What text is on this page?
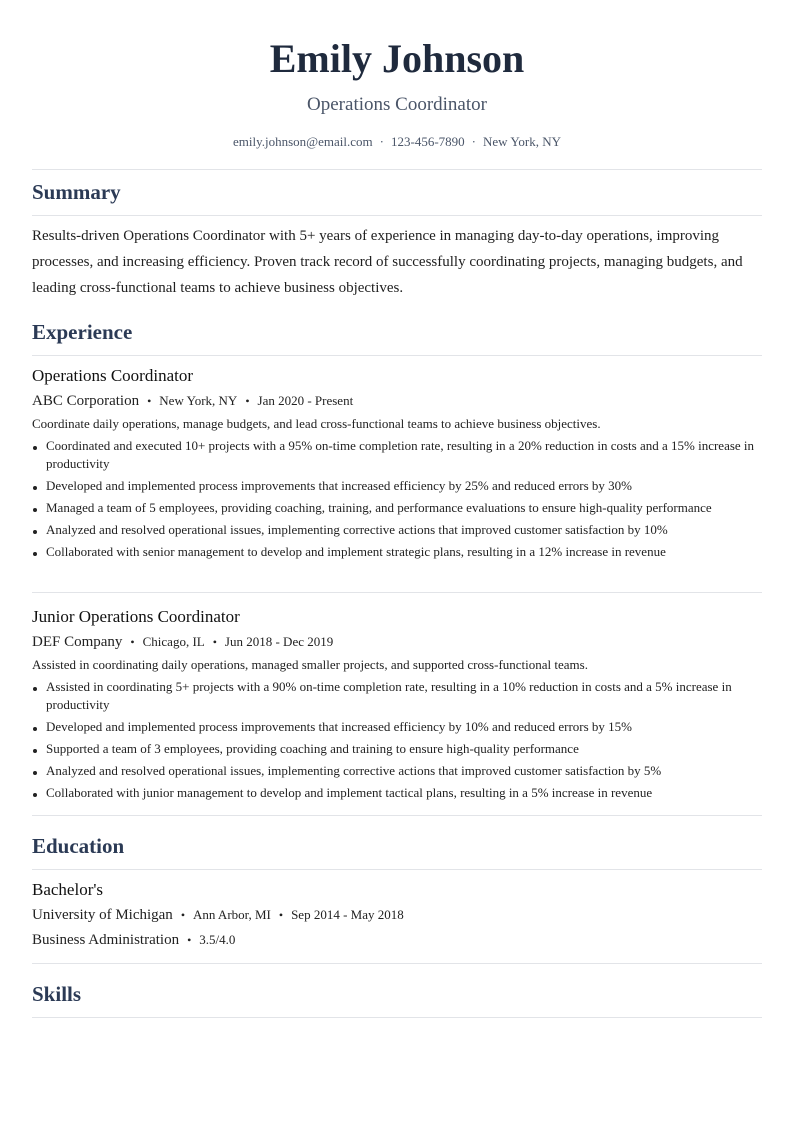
Emily Johnson
Operations Coordinator
emily.johnson@email.com · 123-456-7890 · New York, NY
Summary

Results-driven Operations Coordinator with 5+ years of experience in managing day-to-day operations, improving processes, and increasing efficiency. Proven track record of successfully coordinating projects, managing budgets, and leading cross-functional teams to achieve business objectives.

Experience
Operations Coordinator
ABC Corporation • New York, NY • Jan 2020 - Present
Coordinate daily operations, manage budgets, and lead cross-functional teams to achieve business objectives.
Coordinated and executed 10+ projects with a 95% on-time completion rate, resulting in a 20% reduction in costs and a 15% increase in productivity
Developed and implemented process improvements that increased efficiency by 25% and reduced errors by 30%
Managed a team of 5 employees, providing coaching, training, and performance evaluations to ensure high-quality performance
Analyzed and resolved operational issues, implementing corrective actions that improved customer satisfaction by 10%
Collaborated with senior management to develop and implement strategic plans, resulting in a 12% increase in revenue
Junior Operations Coordinator
DEF Company • Chicago, IL • Jun 2018 - Dec 2019
Assisted in coordinating daily operations, managed smaller projects, and supported cross-functional teams.
Assisted in coordinating 5+ projects with a 90% on-time completion rate, resulting in a 10% reduction in costs and a 5% increase in productivity
Developed and implemented process improvements that increased efficiency by 10% and reduced errors by 15%
Supported a team of 3 employees, providing coaching and training to ensure high-quality performance
Analyzed and resolved operational issues, implementing corrective actions that improved customer satisfaction by 5%
Collaborated with junior management to develop and implement tactical plans, resulting in a 5% increase in revenue
Education
Bachelor's
University of Michigan • Ann Arbor, MI • Sep 2014 - May 2018
Business Administration • 3.5/4.0
Skills
